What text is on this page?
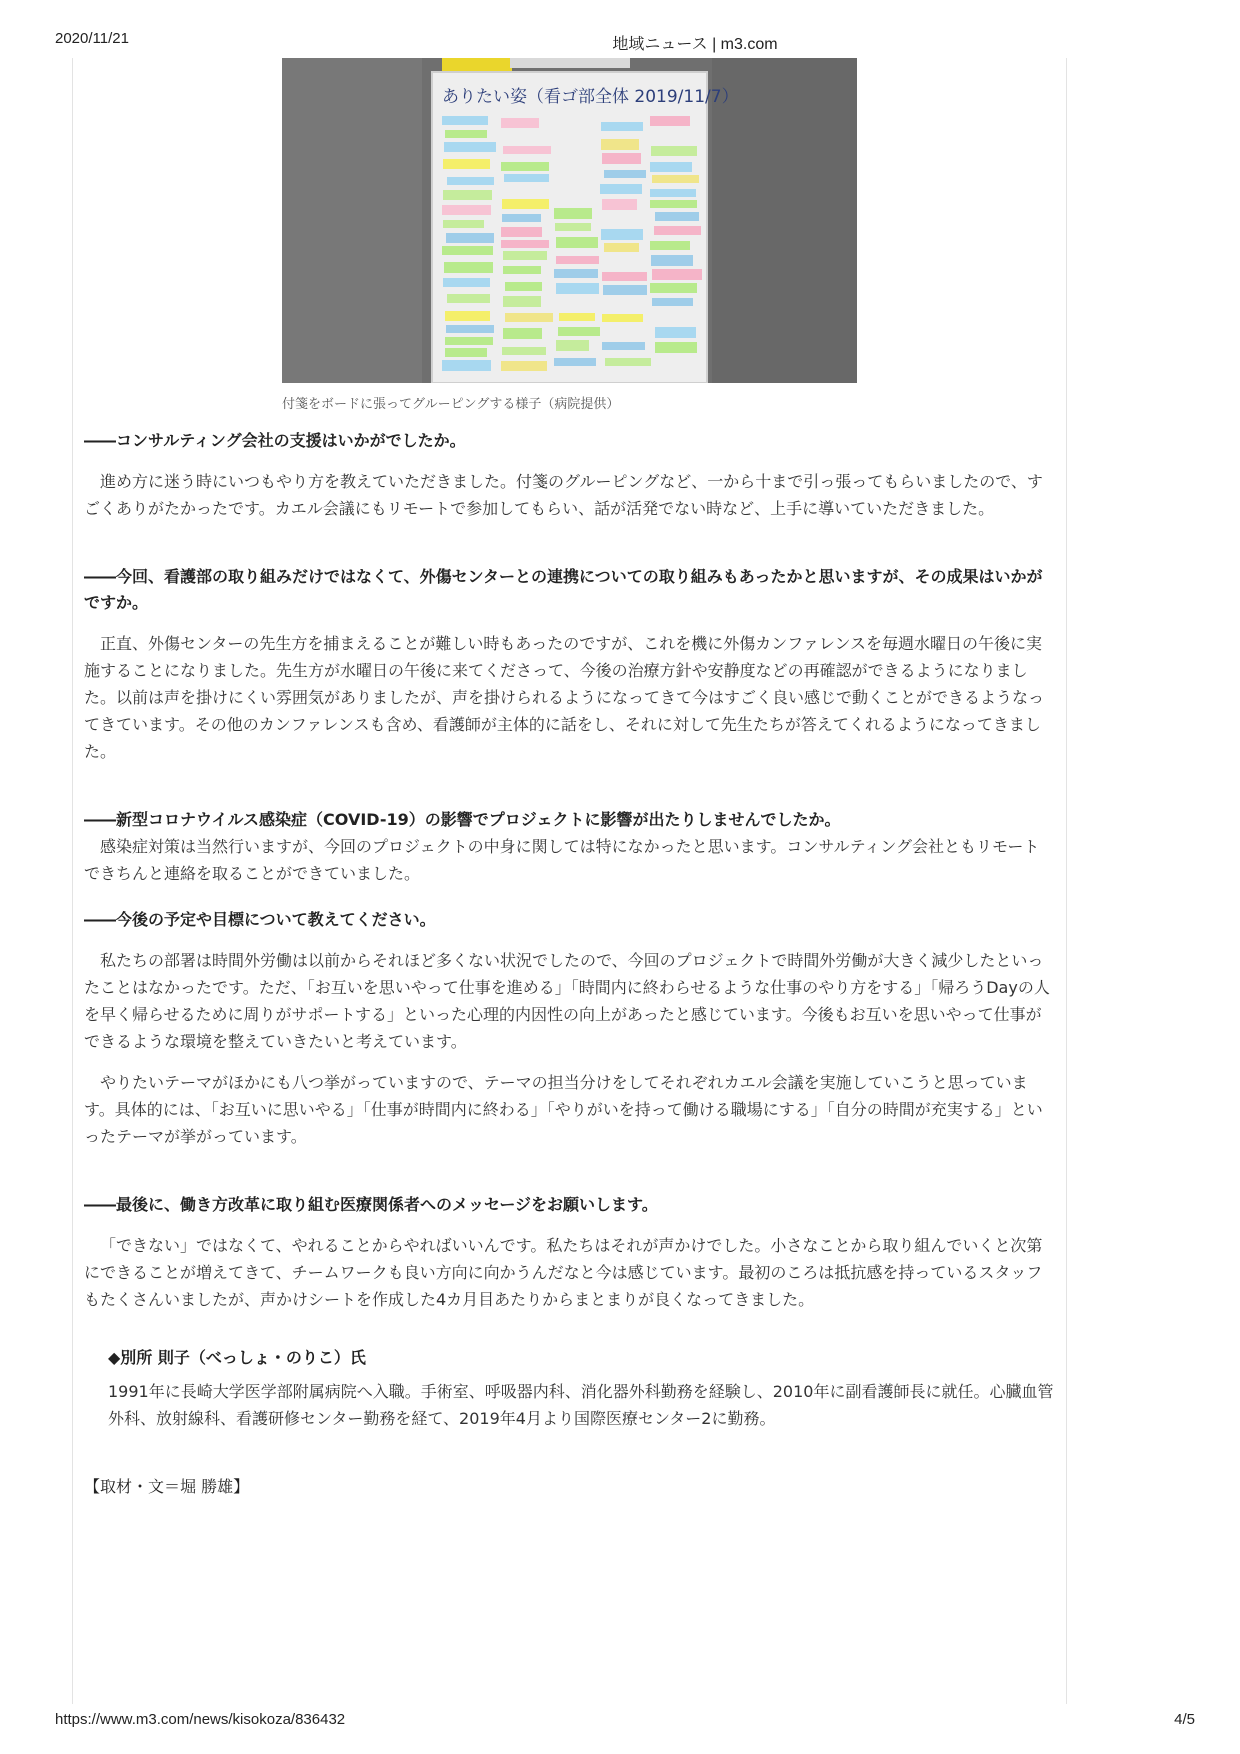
2020/11/21	地域ニュース | m3.com
ありたい姿（看ゴ部全体 2019/11/7）
付箋をボードに張ってグルーピングする様子（病院提供）
――コンサルティング会社の支援はいかがでしたか。
進め方に迷う時にいつもやり方を教えていただきました。付箋のグルーピングなど、一から十まで引っ張ってもらいましたので、すごくありがたかったです。カエル会議にもリモートで参加してもらい、話が活発でない時など、上手に導いていただきました。
――今回、看護部の取り組みだけではなくて、外傷センターとの連携についての取り組みもあったかと思いますが、その成果はいかがですか。
正直、外傷センターの先生方を捕まえることが難しい時もあったのですが、これを機に外傷カンファレンスを毎週水曜日の午後に実施することになりました。先生方が水曜日の午後に来てくださって、今後の治療方針や安静度などの再確認ができるようになりました。以前は声を掛けにくい雰囲気がありましたが、声を掛けられるようになってきて今はすごく良い感じで動くことができるようなってきています。その他のカンファレンスも含め、看護師が主体的に話をし、それに対して先生たちが答えてくれるようになってきました。
――新型コロナウイルス感染症（COVID-19）の影響でプロジェクトに影響が出たりしませんでしたか。
感染症対策は当然行いますが、今回のプロジェクトの中身に関しては特になかったと思います。コンサルティング会社ともリモートできちんと連絡を取ることができていました。
――今後の予定や目標について教えてください。
私たちの部署は時間外労働は以前からそれほど多くない状況でしたので、今回のプロジェクトで時間外労働が大きく減少したといったことはなかったです。ただ、「お互いを思いやって仕事を進める」「時間内に終わらせるような仕事のやり方をする」「帰ろうDayの人を早く帰らせるために周りがサポートする」といった心理的内因性の向上があったと感じています。今後もお互いを思いやって仕事ができるような環境を整えていきたいと考えています。
やりたいテーマがほかにも八つ挙がっていますので、テーマの担当分けをしてそれぞれカエル会議を実施していこうと思っています。具体的には、「お互いに思いやる」「仕事が時間内に終わる」「やりがいを持って働ける職場にする」「自分の時間が充実する」といったテーマが挙がっています。
――最後に、働き方改革に取り組む医療関係者へのメッセージをお願いします。
「できない」ではなくて、やれることからやればいいんです。私たちはそれが声かけでした。小さなことから取り組んでいくと次第にできることが増えてきて、チームワークも良い方向に向かうんだなと今は感じています。最初のころは抵抗感を持っているスタッフもたくさんいましたが、声かけシートを作成した4カ月目あたりからまとまりが良くなってきました。
◆別所 則子（べっしょ・のりこ）氏
1991年に長崎大学医学部附属病院へ入職。手術室、呼吸器内科、消化器外科勤務を経験し、2010年に副看護師長に就任。心臓血管外科、放射線科、看護研修センター勤務を経て、2019年4月より国際医療センター2に勤務。
【取材・文＝堀 勝雄】
https://www.m3.com/news/kisokoza/836432	4/5
